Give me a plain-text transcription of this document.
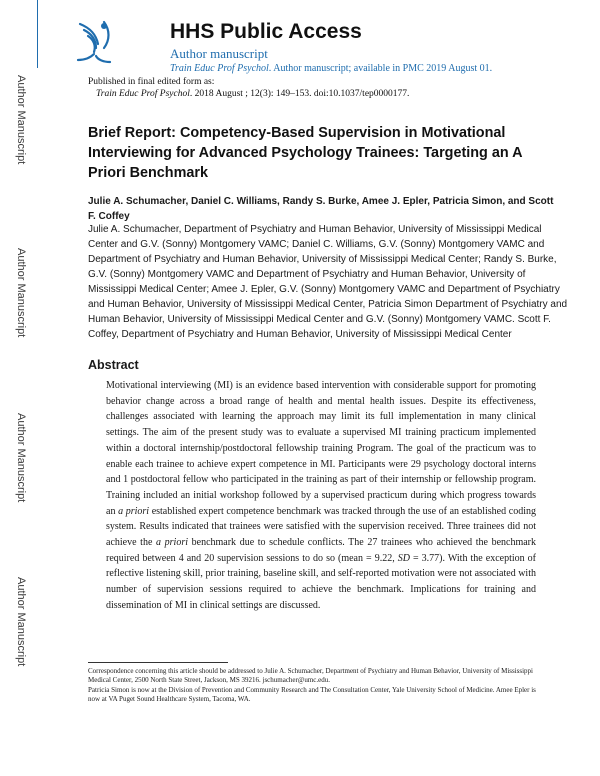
Author Manuscript
Author Manuscript
Author Manuscript
Author Manuscript
HHS Public Access
Author manuscript
Train Educ Prof Psychol. Author manuscript; available in PMC 2019 August 01.
Published in final edited form as:
Train Educ Prof Psychol. 2018 August ; 12(3): 149–153. doi:10.1037/tep0000177.
Brief Report: Competency-Based Supervision in Motivational Interviewing for Advanced Psychology Trainees: Targeting an A Priori Benchmark
Julie A. Schumacher, Daniel C. Williams, Randy S. Burke, Amee J. Epler, Patricia Simon, and Scott F. Coffey
Julie A. Schumacher, Department of Psychiatry and Human Behavior, University of Mississippi Medical Center and G.V. (Sonny) Montgomery VAMC; Daniel C. Williams, G.V. (Sonny) Montgomery VAMC and Department of Psychiatry and Human Behavior, University of Mississippi Medical Center; Randy S. Burke, G.V. (Sonny) Montgomery VAMC and Department of Psychiatry and Human Behavior, University of Mississippi Medical Center; Amee J. Epler, G.V. (Sonny) Montgomery VAMC and Department of Psychiatry and Human Behavior, University of Mississippi Medical Center, Patricia Simon Department of Psychiatry and Human Behavior, University of Mississippi Medical Center and G.V. (Sonny) Montgomery VAMC. Scott F. Coffey, Department of Psychiatry and Human Behavior, University of Mississippi Medical Center
Abstract
Motivational interviewing (MI) is an evidence based intervention with considerable support for promoting behavior change across a broad range of health and mental health issues. Despite its effectiveness, challenges associated with learning the approach may limit its full implementation in many clinical settings. The aim of the present study was to evaluate a supervised MI training practicum implemented within a doctoral internship/postdoctoral fellowship training Program. The goal of the practicum was to enable each trainee to achieve expert competence in MI. Participants were 29 psychology doctoral interns and 1 postdoctoral fellow who participated in the training as part of their internship or fellowship program. Training included an initial workshop followed by a supervised practicum during which progress towards an a priori established expert competence benchmark was tracked through the use of an established coding system. Results indicated that trainees were satisfied with the supervision received. Three trainees did not achieve the a priori benchmark due to schedule conflicts. The 27 trainees who achieved the benchmark required between 4 and 20 supervision sessions to do so (mean = 9.22, SD = 3.77). With the exception of reflective listening skill, prior training, baseline skill, and self-reported motivation were not associated with number of supervision sessions required to achieve the benchmark. Implications for training and dissemination of MI in clinical settings are discussed.
Correspondence concerning this article should be addressed to Julie A. Schumacher, Department of Psychiatry and Human Behavior, University of Mississippi Medical Center, 2500 North State Street, Jackson, MS 39216. jschumacher@umc.edu.
Patricia Simon is now at the Division of Prevention and Community Research and The Consultation Center, Yale University School of Medicine. Amee Epler is now at VA Puget Sound Healthcare System, Tacoma, WA.
